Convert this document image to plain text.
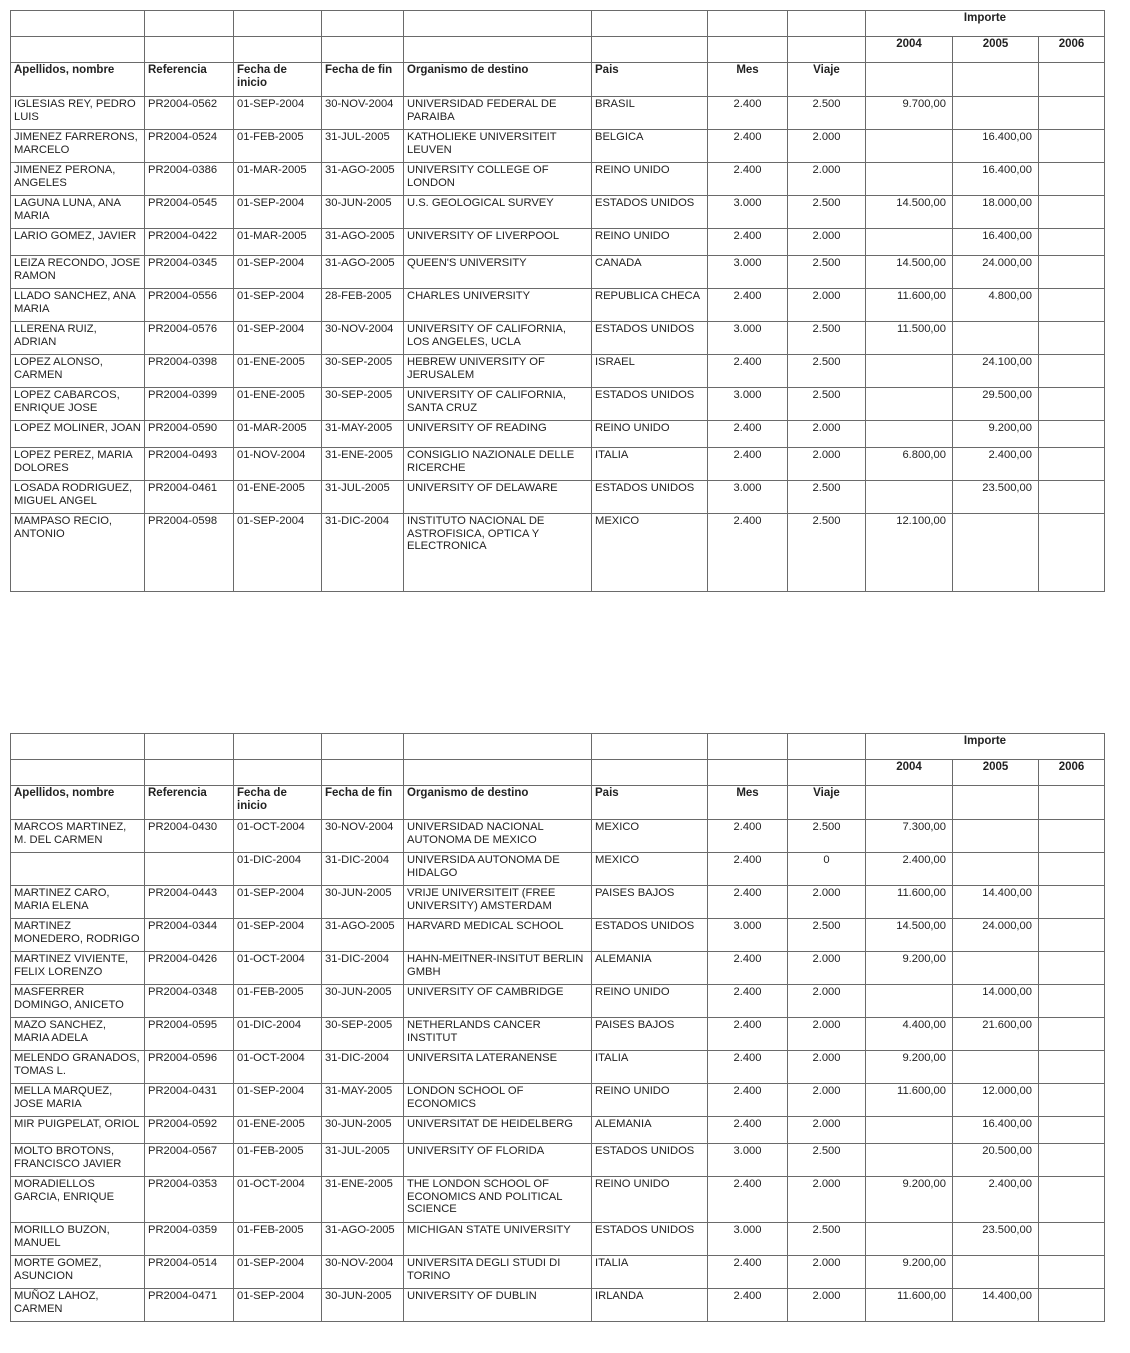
								Importe		
								2004	2005	2006
Apellidos, nombre	Referencia	Fecha de inicio	Fecha de fin	Organismo de destino	Pais	Mes	Viaje			
IGLESIAS REY, PEDRO LUIS	PR2004-0562	01-SEP-2004	30-NOV-2004	UNIVERSIDAD FEDERAL DE PARAIBA	BRASIL	2.400	2.500	9.700,00		
JIMENEZ FARRERONS, MARCELO	PR2004-0524	01-FEB-2005	31-JUL-2005	KATHOLIEKE UNIVERSITEIT LEUVEN	BELGICA	2.400	2.000		16.400,00	
JIMENEZ PERONA, ANGELES	PR2004-0386	01-MAR-2005	31-AGO-2005	UNIVERSITY COLLEGE OF LONDON	REINO UNIDO	2.400	2.000		16.400,00	
LAGUNA LUNA, ANA MARIA	PR2004-0545	01-SEP-2004	30-JUN-2005	U.S. GEOLOGICAL SURVEY	ESTADOS UNIDOS	3.000	2.500	14.500,00	18.000,00	
LARIO GOMEZ, JAVIER	PR2004-0422	01-MAR-2005	31-AGO-2005	UNIVERSITY OF LIVERPOOL	REINO UNIDO	2.400	2.000		16.400,00	
LEIZA RECONDO, JOSE RAMON	PR2004-0345	01-SEP-2004	31-AGO-2005	QUEEN'S UNIVERSITY	CANADA	3.000	2.500	14.500,00	24.000,00	
LLADO SANCHEZ, ANA MARIA	PR2004-0556	01-SEP-2004	28-FEB-2005	CHARLES UNIVERSITY	REPUBLICA CHECA	2.400	2.000	11.600,00	4.800,00	
LLERENA RUIZ, ADRIAN	PR2004-0576	01-SEP-2004	30-NOV-2004	UNIVERSITY OF CALIFORNIA, LOS ANGELES, UCLA	ESTADOS UNIDOS	3.000	2.500	11.500,00		
LOPEZ ALONSO, CARMEN	PR2004-0398	01-ENE-2005	30-SEP-2005	HEBREW UNIVERSITY OF JERUSALEM	ISRAEL	2.400	2.500		24.100,00	
LOPEZ CABARCOS, ENRIQUE JOSE	PR2004-0399	01-ENE-2005	30-SEP-2005	UNIVERSITY OF CALIFORNIA, SANTA CRUZ	ESTADOS UNIDOS	3.000	2.500		29.500,00	
LOPEZ MOLINER, JOAN	PR2004-0590	01-MAR-2005	31-MAY-2005	UNIVERSITY OF READING	REINO UNIDO	2.400	2.000		9.200,00	
LOPEZ PEREZ, MARIA DOLORES	PR2004-0493	01-NOV-2004	31-ENE-2005	CONSIGLIO NAZIONALE DELLE RICERCHE	ITALIA	2.400	2.000	6.800,00	2.400,00	
LOSADA RODRIGUEZ, MIGUEL ANGEL	PR2004-0461	01-ENE-2005	31-JUL-2005	UNIVERSITY OF DELAWARE	ESTADOS UNIDOS	3.000	2.500		23.500,00	
MAMPASO RECIO, ANTONIO	PR2004-0598	01-SEP-2004	31-DIC-2004	INSTITUTO NACIONAL DE ASTROFISICA, OPTICA Y ELECTRONICA	MEXICO	2.400	2.500	12.100,00		
								Importe		
								2004	2005	2006
Apellidos, nombre	Referencia	Fecha de inicio	Fecha de fin	Organismo de destino	Pais	Mes	Viaje			
MARCOS MARTINEZ, M. DEL CARMEN	PR2004-0430	01-OCT-2004	30-NOV-2004	UNIVERSIDAD NACIONAL AUTONOMA DE MEXICO	MEXICO	2.400	2.500	7.300,00		
		01-DIC-2004	31-DIC-2004	UNIVERSIDA AUTONOMA DE HIDALGO	MEXICO	2.400	0	2.400,00		
MARTINEZ CARO, MARIA ELENA	PR2004-0443	01-SEP-2004	30-JUN-2005	VRIJE UNIVERSITEIT (FREE UNIVERSITY) AMSTERDAM	PAISES BAJOS	2.400	2.000	11.600,00	14.400,00	
MARTINEZ MONEDERO, RODRIGO	PR2004-0344	01-SEP-2004	31-AGO-2005	HARVARD MEDICAL SCHOOL	ESTADOS UNIDOS	3.000	2.500	14.500,00	24.000,00	
MARTINEZ VIVIENTE, FELIX LORENZO	PR2004-0426	01-OCT-2004	31-DIC-2004	HAHN-MEITNER-INSITUT BERLIN GMBH	ALEMANIA	2.400	2.000	9.200,00		
MASFERRER DOMINGO, ANICETO	PR2004-0348	01-FEB-2005	30-JUN-2005	UNIVERSITY OF CAMBRIDGE	REINO UNIDO	2.400	2.000		14.000,00	
MAZO SANCHEZ, MARIA ADELA	PR2004-0595	01-DIC-2004	30-SEP-2005	NETHERLANDS CANCER INSTITUT	PAISES BAJOS	2.400	2.000	4.400,00	21.600,00	
MELENDO GRANADOS, TOMAS L.	PR2004-0596	01-OCT-2004	31-DIC-2004	UNIVERSITA LATERANENSE	ITALIA	2.400	2.000	9.200,00		
MELLA MARQUEZ, JOSE MARIA	PR2004-0431	01-SEP-2004	31-MAY-2005	LONDON SCHOOL OF ECONOMICS	REINO UNIDO	2.400	2.000	11.600,00	12.000,00	
MIR PUIGPELAT, ORIOL	PR2004-0592	01-ENE-2005	30-JUN-2005	UNIVERSITAT DE HEIDELBERG	ALEMANIA	2.400	2.000		16.400,00	
MOLTO BROTONS, FRANCISCO JAVIER	PR2004-0567	01-FEB-2005	31-JUL-2005	UNIVERSITY OF FLORIDA	ESTADOS UNIDOS	3.000	2.500		20.500,00	
MORADIELLOS GARCIA, ENRIQUE	PR2004-0353	01-OCT-2004	31-ENE-2005	THE LONDON SCHOOL OF ECONOMICS AND POLITICAL SCIENCE	REINO UNIDO	2.400	2.000	9.200,00	2.400,00	
MORILLO BUZON, MANUEL	PR2004-0359	01-FEB-2005	31-AGO-2005	MICHIGAN STATE UNIVERSITY	ESTADOS UNIDOS	3.000	2.500		23.500,00	
MORTE GOMEZ, ASUNCION	PR2004-0514	01-SEP-2004	30-NOV-2004	UNIVERSITA DEGLI STUDI DI TORINO	ITALIA	2.400	2.000	9.200,00		
MUÑOZ LAHOZ, CARMEN	PR2004-0471	01-SEP-2004	30-JUN-2005	UNIVERSITY OF DUBLIN	IRLANDA	2.400	2.000	11.600,00	14.400,00	
